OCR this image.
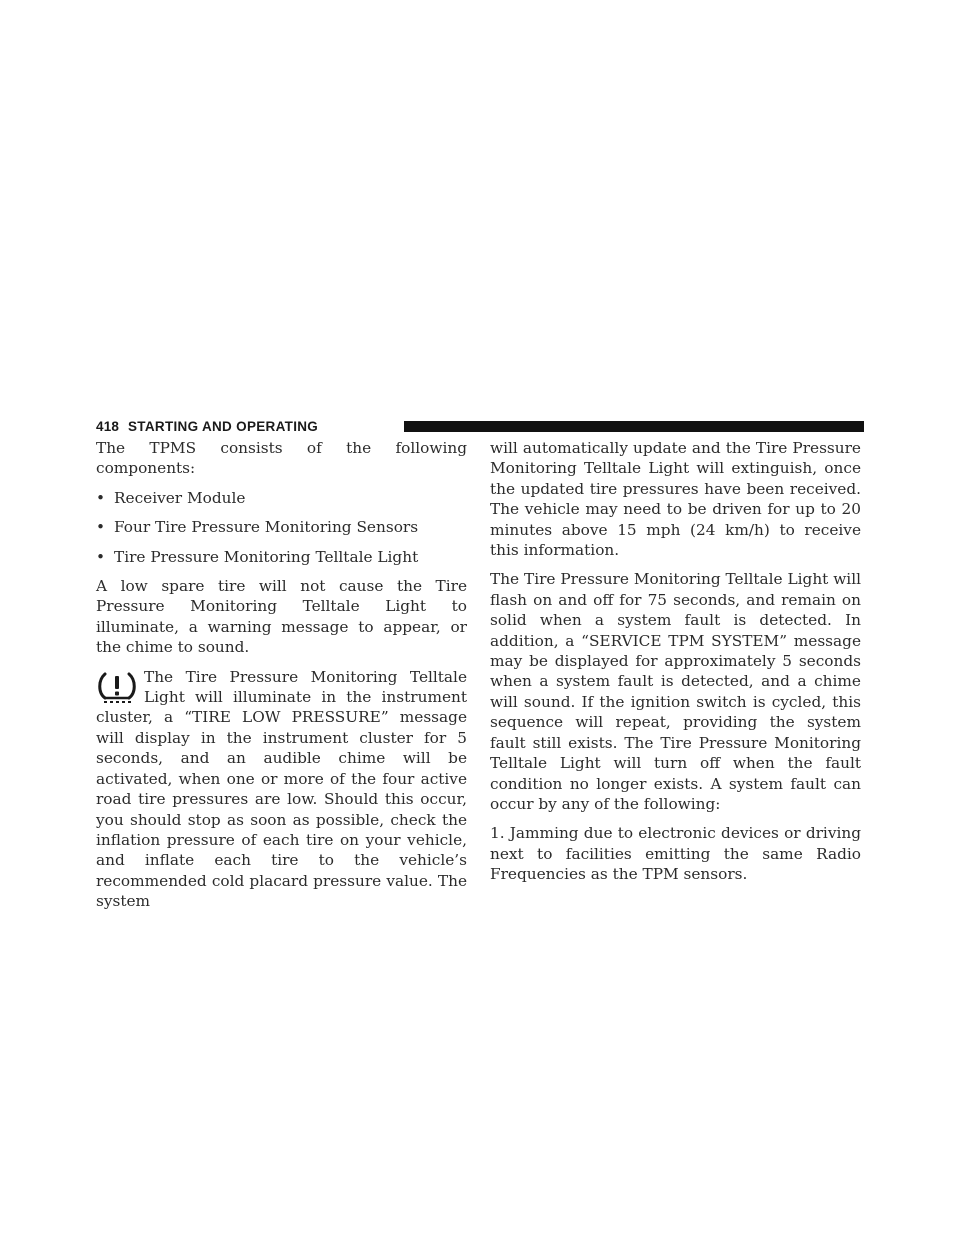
418 STARTING AND OPERATING

The TPMS consists of the following components:

• Receiver Module
• Four Tire Pressure Monitoring Sensors
• Tire Pressure Monitoring Telltale Light

A low spare tire will not cause the Tire Pressure Monitoring Telltale Light to illuminate, a warning message to appear, or the chime to sound.

The Tire Pressure Monitoring Telltale Light will illuminate in the instrument cluster, a “TIRE LOW PRESSURE” message will display in the instrument cluster for 5 seconds, and an audible chime will be activated, when one or more of the four active road tire pressures are low. Should this occur, you should stop as soon as possible, check the inflation pressure of each tire on your vehicle, and inflate each tire to the vehicle’s recommended cold placard pressure value. The system

will automatically update and the Tire Pressure Monitoring Telltale Light will extinguish, once the updated tire pressures have been received. The vehicle may need to be driven for up to 20 minutes above 15 mph (24 km/h) to receive this information.

The Tire Pressure Monitoring Telltale Light will flash on and off for 75 seconds, and remain on solid when a system fault is detected. In addition, a “SERVICE TPM SYSTEM” message may be displayed for approximately 5 seconds when a system fault is detected, and a chime will sound. If the ignition switch is cycled, this sequence will repeat, providing the system fault still exists. The Tire Pressure Monitoring Telltale Light will turn off when the fault condition no longer exists. A system fault can occur by any of the following:

1. Jamming due to electronic devices or driving next to facilities emitting the same Radio Frequencies as the TPM sensors.
